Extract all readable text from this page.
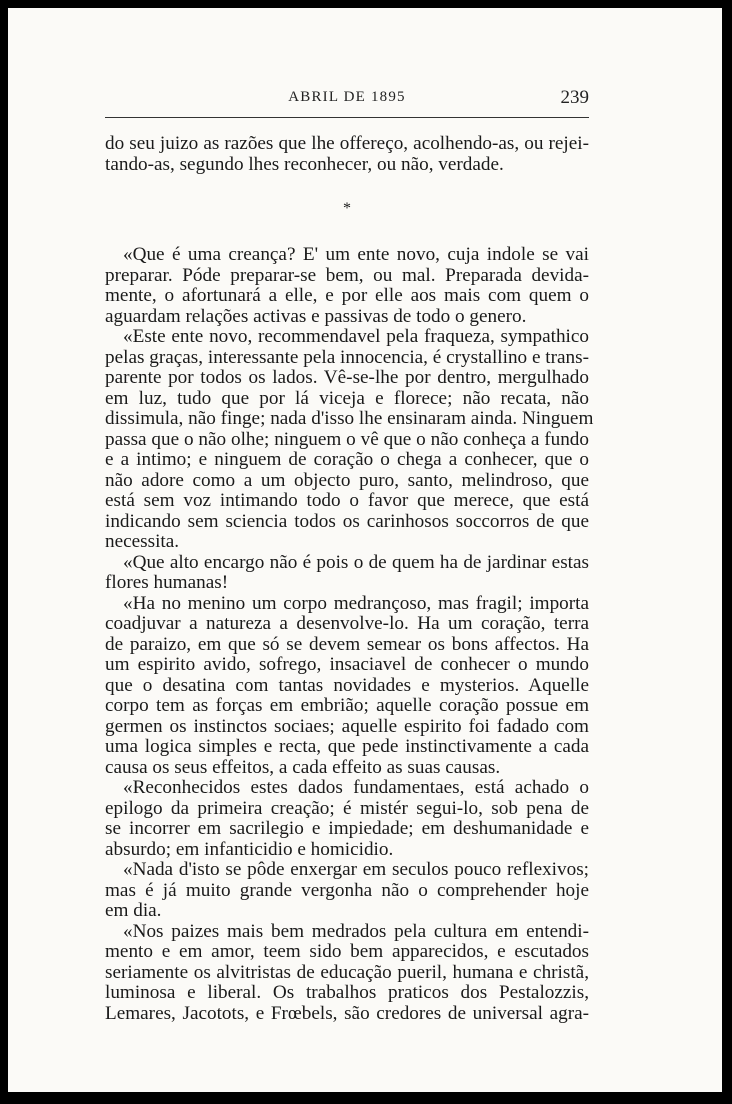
ABRIL DE 1895	239
do seu juizo as razões que lhe offereço, acolhendo-as, ou rejei-
tando-as, segundo lhes reconhecer, ou não, verdade.
*
«Que é uma creança? E' um ente novo, cuja indole se vai
preparar. Póde preparar-se bem, ou mal. Preparada devida-
mente, o afortunará a elle, e por elle aos mais com quem o
aguardam relações activas e passivas de todo o genero.
«Este ente novo, recommendavel pela fraqueza, sympathico
pelas graças, interessante pela innocencia, é crystallino e trans-
parente por todos os lados. Vê-se-lhe por dentro, mergulhado
em luz, tudo que por lá viceja e florece; não recata, não
dissimula, não finge; nada d'isso lhe ensinaram ainda. Ninguem
passa que o não olhe; ninguem o vê que o não conheça a fundo
e a intimo; e ninguem de coração o chega a conhecer, que o
não adore como a um objecto puro, santo, melindroso, que
está sem voz intimando todo o favor que merece, que está
indicando sem sciencia todos os carinhosos soccorros de que
necessita.
«Que alto encargo não é pois o de quem ha de jardinar estas
flores humanas!
«Ha no menino um corpo medrançoso, mas fragil; importa
coadjuvar a natureza a desenvolve-lo. Ha um coração, terra
de paraizo, em que só se devem semear os bons affectos. Ha
um espirito avido, sofrego, insaciavel de conhecer o mundo
que o desatina com tantas novidades e mysterios. Aquelle
corpo tem as forças em embrião; aquelle coração possue em
germen os instinctos sociaes; aquelle espirito foi fadado com
uma logica simples e recta, que pede instinctivamente a cada
causa os seus effeitos, a cada effeito as suas causas.
«Reconhecidos estes dados fundamentaes, está achado o
epilogo da primeira creação; é mistér segui-lo, sob pena de
se incorrer em sacrilegio e impiedade; em deshumanidade e
absurdo; em infanticidio e homicidio.
«Nada d'isto se pôde enxergar em seculos pouco reflexivos;
mas é já muito grande vergonha não o comprehender hoje
em dia.
«Nos paizes mais bem medrados pela cultura em entendi-
mento e em amor, teem sido bem apparecidos, e escutados
seriamente os alvitristas de educação pueril, humana e christã,
luminosa e liberal. Os trabalhos praticos dos Pestalozzis,
Lemares, Jacotots, e Frœbels, são credores de universal agra-
